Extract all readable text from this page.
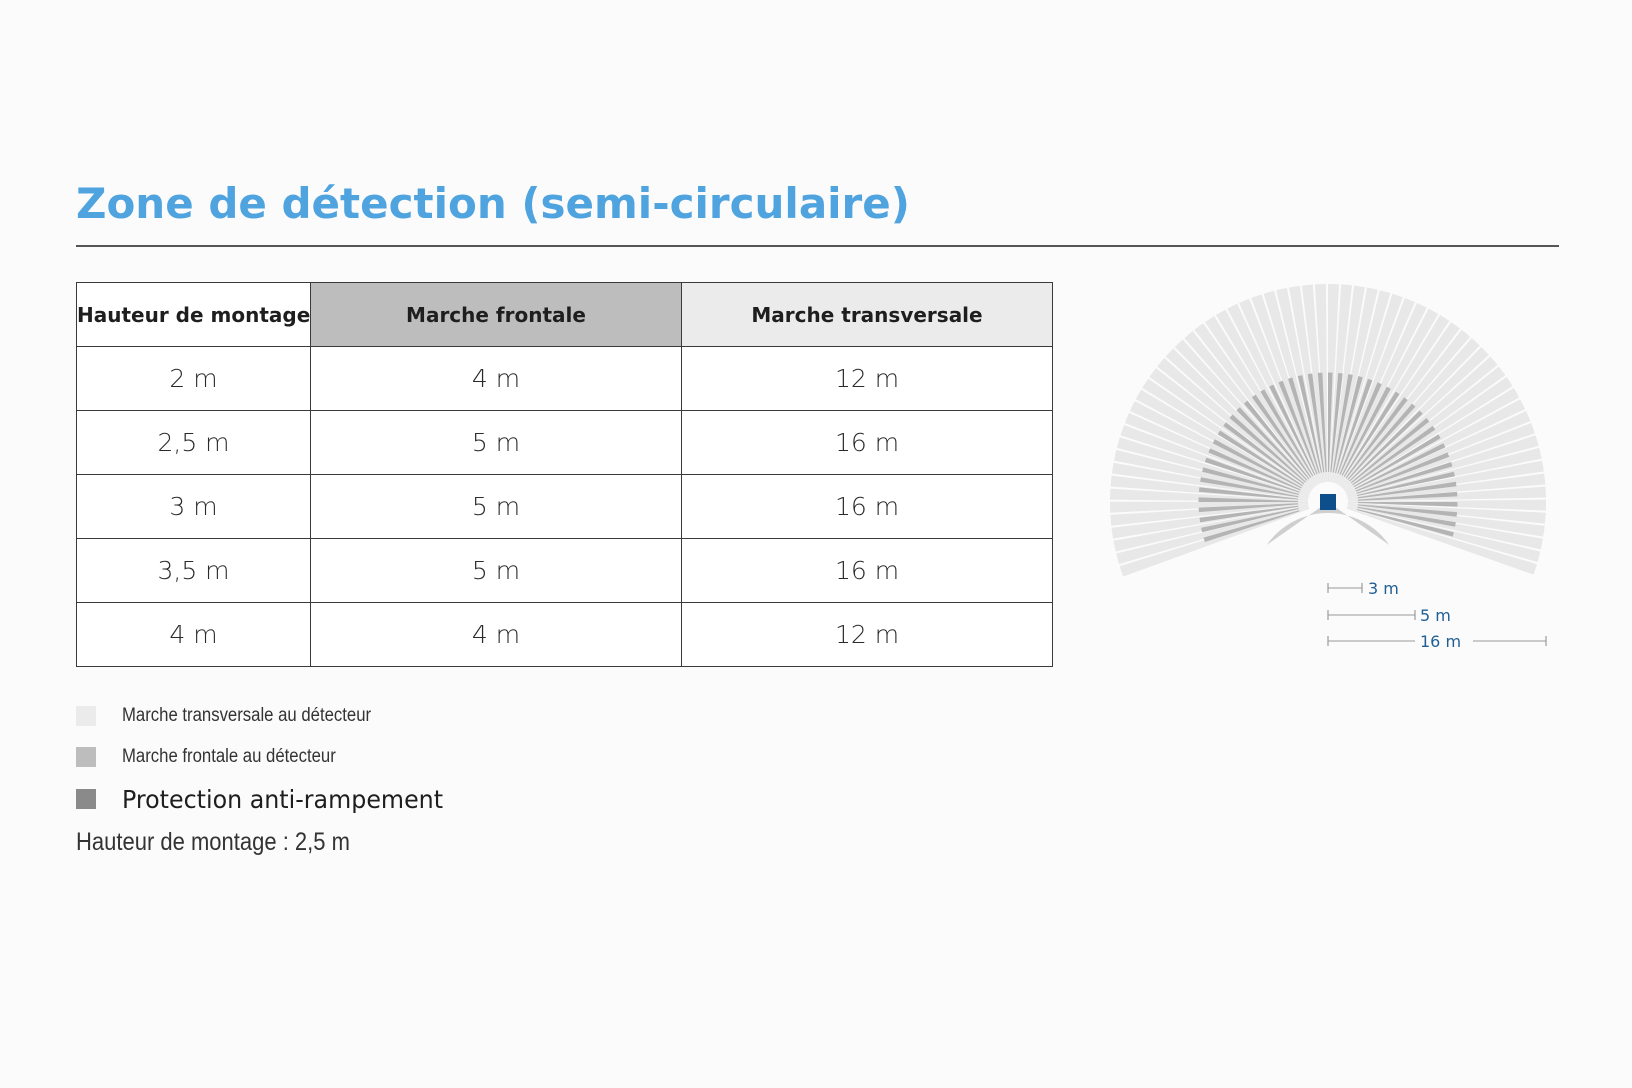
Zone de détection (semi-circulaire)
Hauteur de montage	Marche frontale	Marche transversale
2 m	4 m	12 m
2,5 m	5 m	16 m
3 m	5 m	16 m
3,5 m	5 m	16 m
4 m	4 m	12 m
Marche transversale au détecteur
Marche frontale au détecteur
Protection anti-rampement
Hauteur de montage : 2,5 m
3 m
5 m
16 m
